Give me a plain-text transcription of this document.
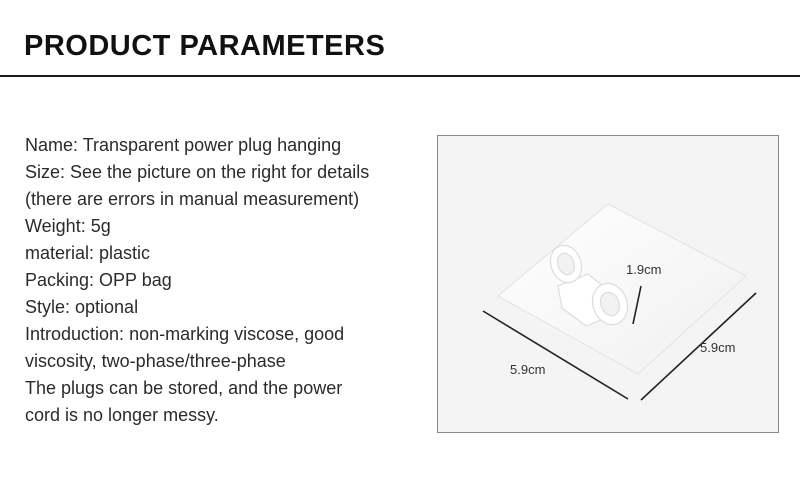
PRODUCT PARAMETERS
Name: Transparent power plug hanging
Size: See the picture on the right for details
(there are errors in manual measurement)
Weight: 5g
material: plastic
Packing: OPP bag
Style: optional
Introduction: non-marking viscose, good
viscosity, two-phase/three-phase
The plugs can be stored, and the power
cord is no longer messy.
1.9cm
5.9cm
5.9cm
